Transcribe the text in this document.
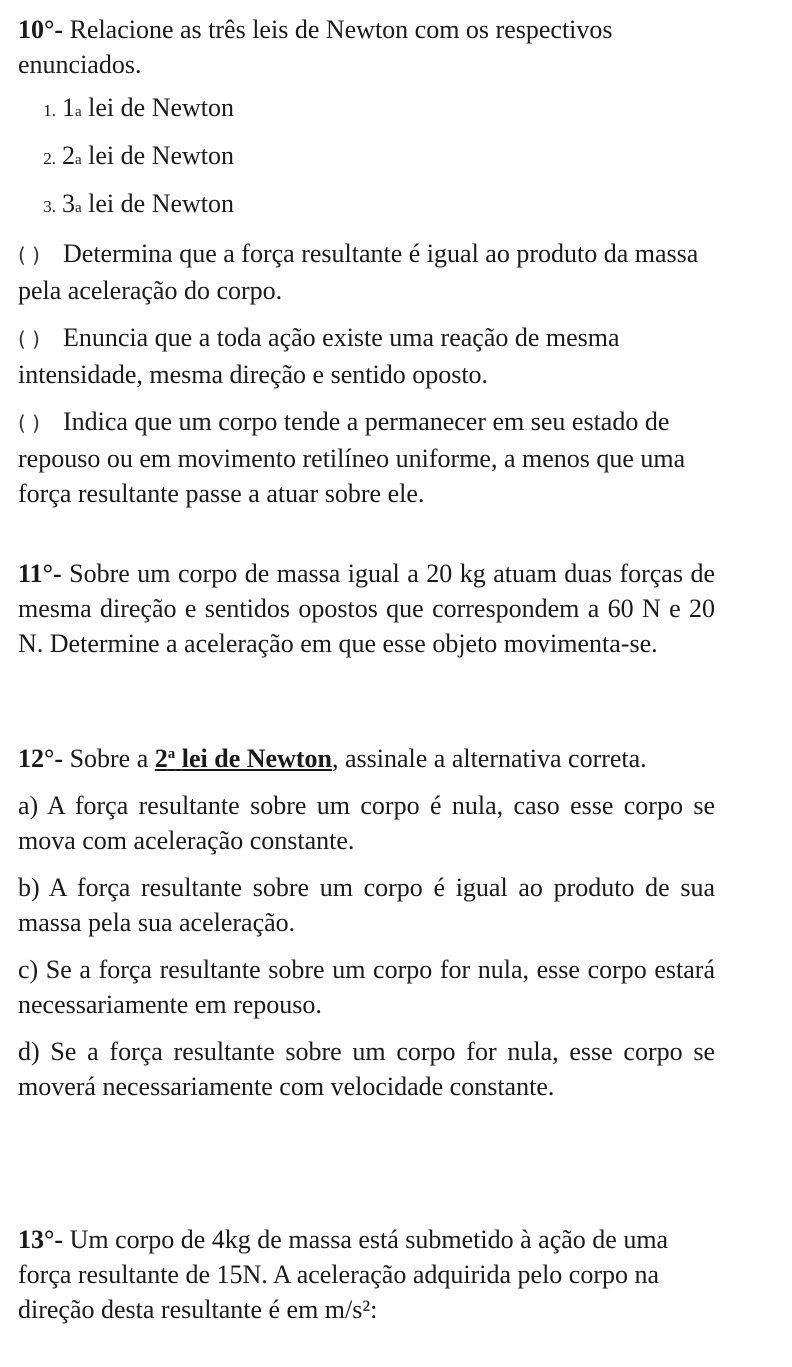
10°- Relacione as três leis de Newton com os respectivos enunciados.

1. 1 a
lei de Newton
2. 2 a
lei de Newton
3. 3 a
lei de Newton

( ) Determina que a força resultante é igual ao produto da massa pela aceleração do corpo.

( ) Enuncia que a toda ação existe uma reação de mesma intensidade, mesma direção e sentido oposto.

( ) Indica que um corpo tende a permanecer em seu estado de repouso ou em movimento retilíneo uniforme, a menos que uma força resultante passe a atuar sobre ele.

11°- Sobre um corpo de massa igual a 20 kg atuam duas forças de mesma direção e sentidos opostos que correspondem a 60 N e 20 N. Determine a aceleração em que esse objeto movimenta-se.

12°- Sobre a 2$^a$ lei de Newton, assinale a alternativa correta.

a) A força resultante sobre um corpo é nula, caso esse corpo se mova com aceleração constante.

b) A força resultante sobre um corpo é igual ao produto de sua massa pela sua aceleração.

c) Se a força resultante sobre um corpo for nula, esse corpo estará necessariamente em repouso.

d) Se a força resultante sobre um corpo for nula, esse corpo se moverá necessariamente com velocidade constante.

13°- Um corpo de 4kg de massa está submetido à ação de uma força resultante de 15N. A aceleração adquirida pelo corpo na direção desta resultante é em m/s²:
